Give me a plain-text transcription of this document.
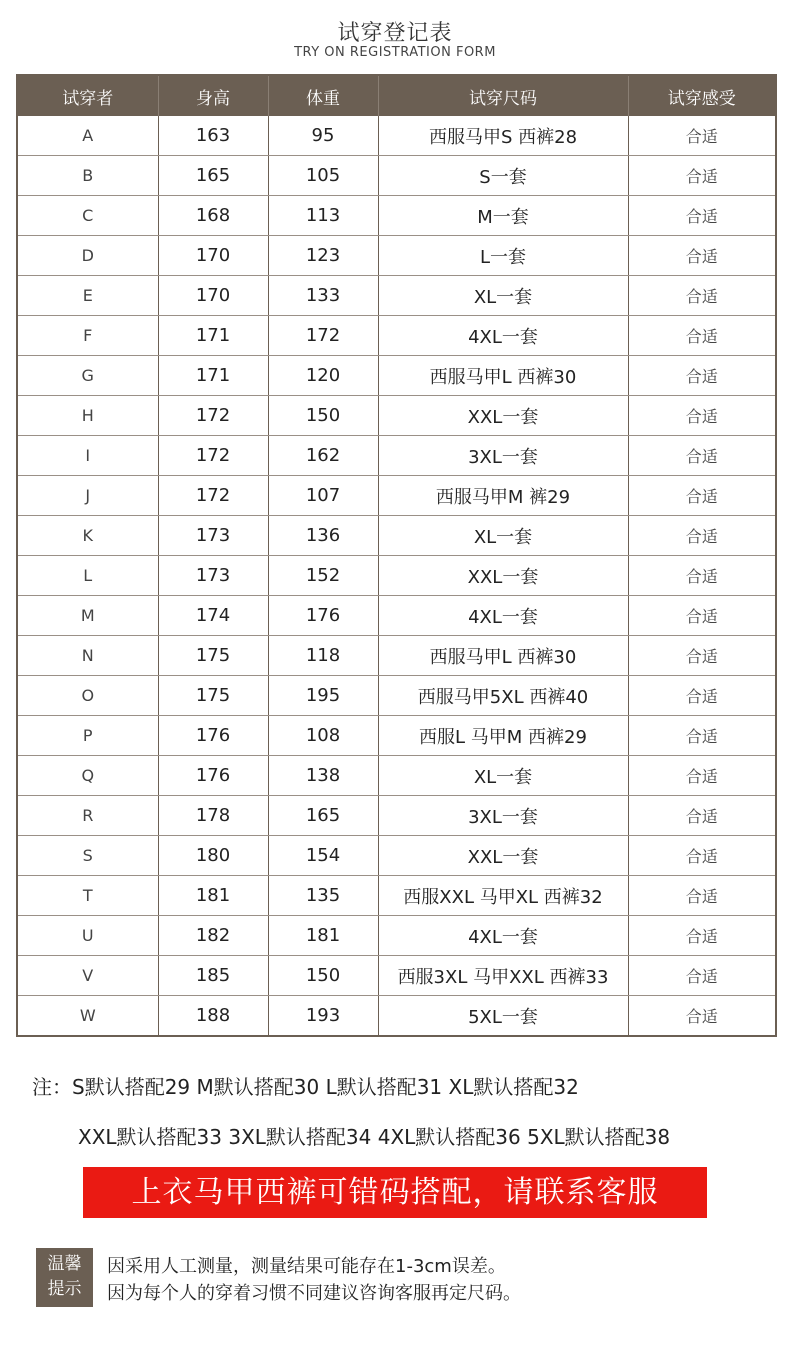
试穿登记表
TRY ON REGISTRATION FORM
试穿者	身高	体重	试穿尺码	试穿感受
A	163	95	西服马甲S 西裤28	合适
B	165	105	S一套	合适
C	168	113	M一套	合适
D	170	123	L一套	合适
E	170	133	XL一套	合适
F	171	172	4XL一套	合适
G	171	120	西服马甲L 西裤30	合适
H	172	150	XXL一套	合适
I	172	162	3XL一套	合适
J	172	107	西服马甲M 裤29	合适
K	173	136	XL一套	合适
L	173	152	XXL一套	合适
M	174	176	4XL一套	合适
N	175	118	西服马甲L 西裤30	合适
O	175	195	西服马甲5XL 西裤40	合适
P	176	108	西服L 马甲M 西裤29	合适
Q	176	138	XL一套	合适
R	178	165	3XL一套	合适
S	180	154	XXL一套	合适
T	181	135	西服XXL 马甲XL 西裤32	合适
U	182	181	4XL一套	合适
V	185	150	西服3XL 马甲XXL 西裤33	合适
W	188	193	5XL一套	合适
注：S默认搭配29 M默认搭配30 L默认搭配31 XL默认搭配32
XXL默认搭配33 3XL默认搭配34 4XL默认搭配36 5XL默认搭配38
上衣马甲西裤可错码搭配，请联系客服
温馨
提示
因采用人工测量，测量结果可能存在1-3cm误差。
因为每个人的穿着习惯不同建议咨询客服再定尺码。
